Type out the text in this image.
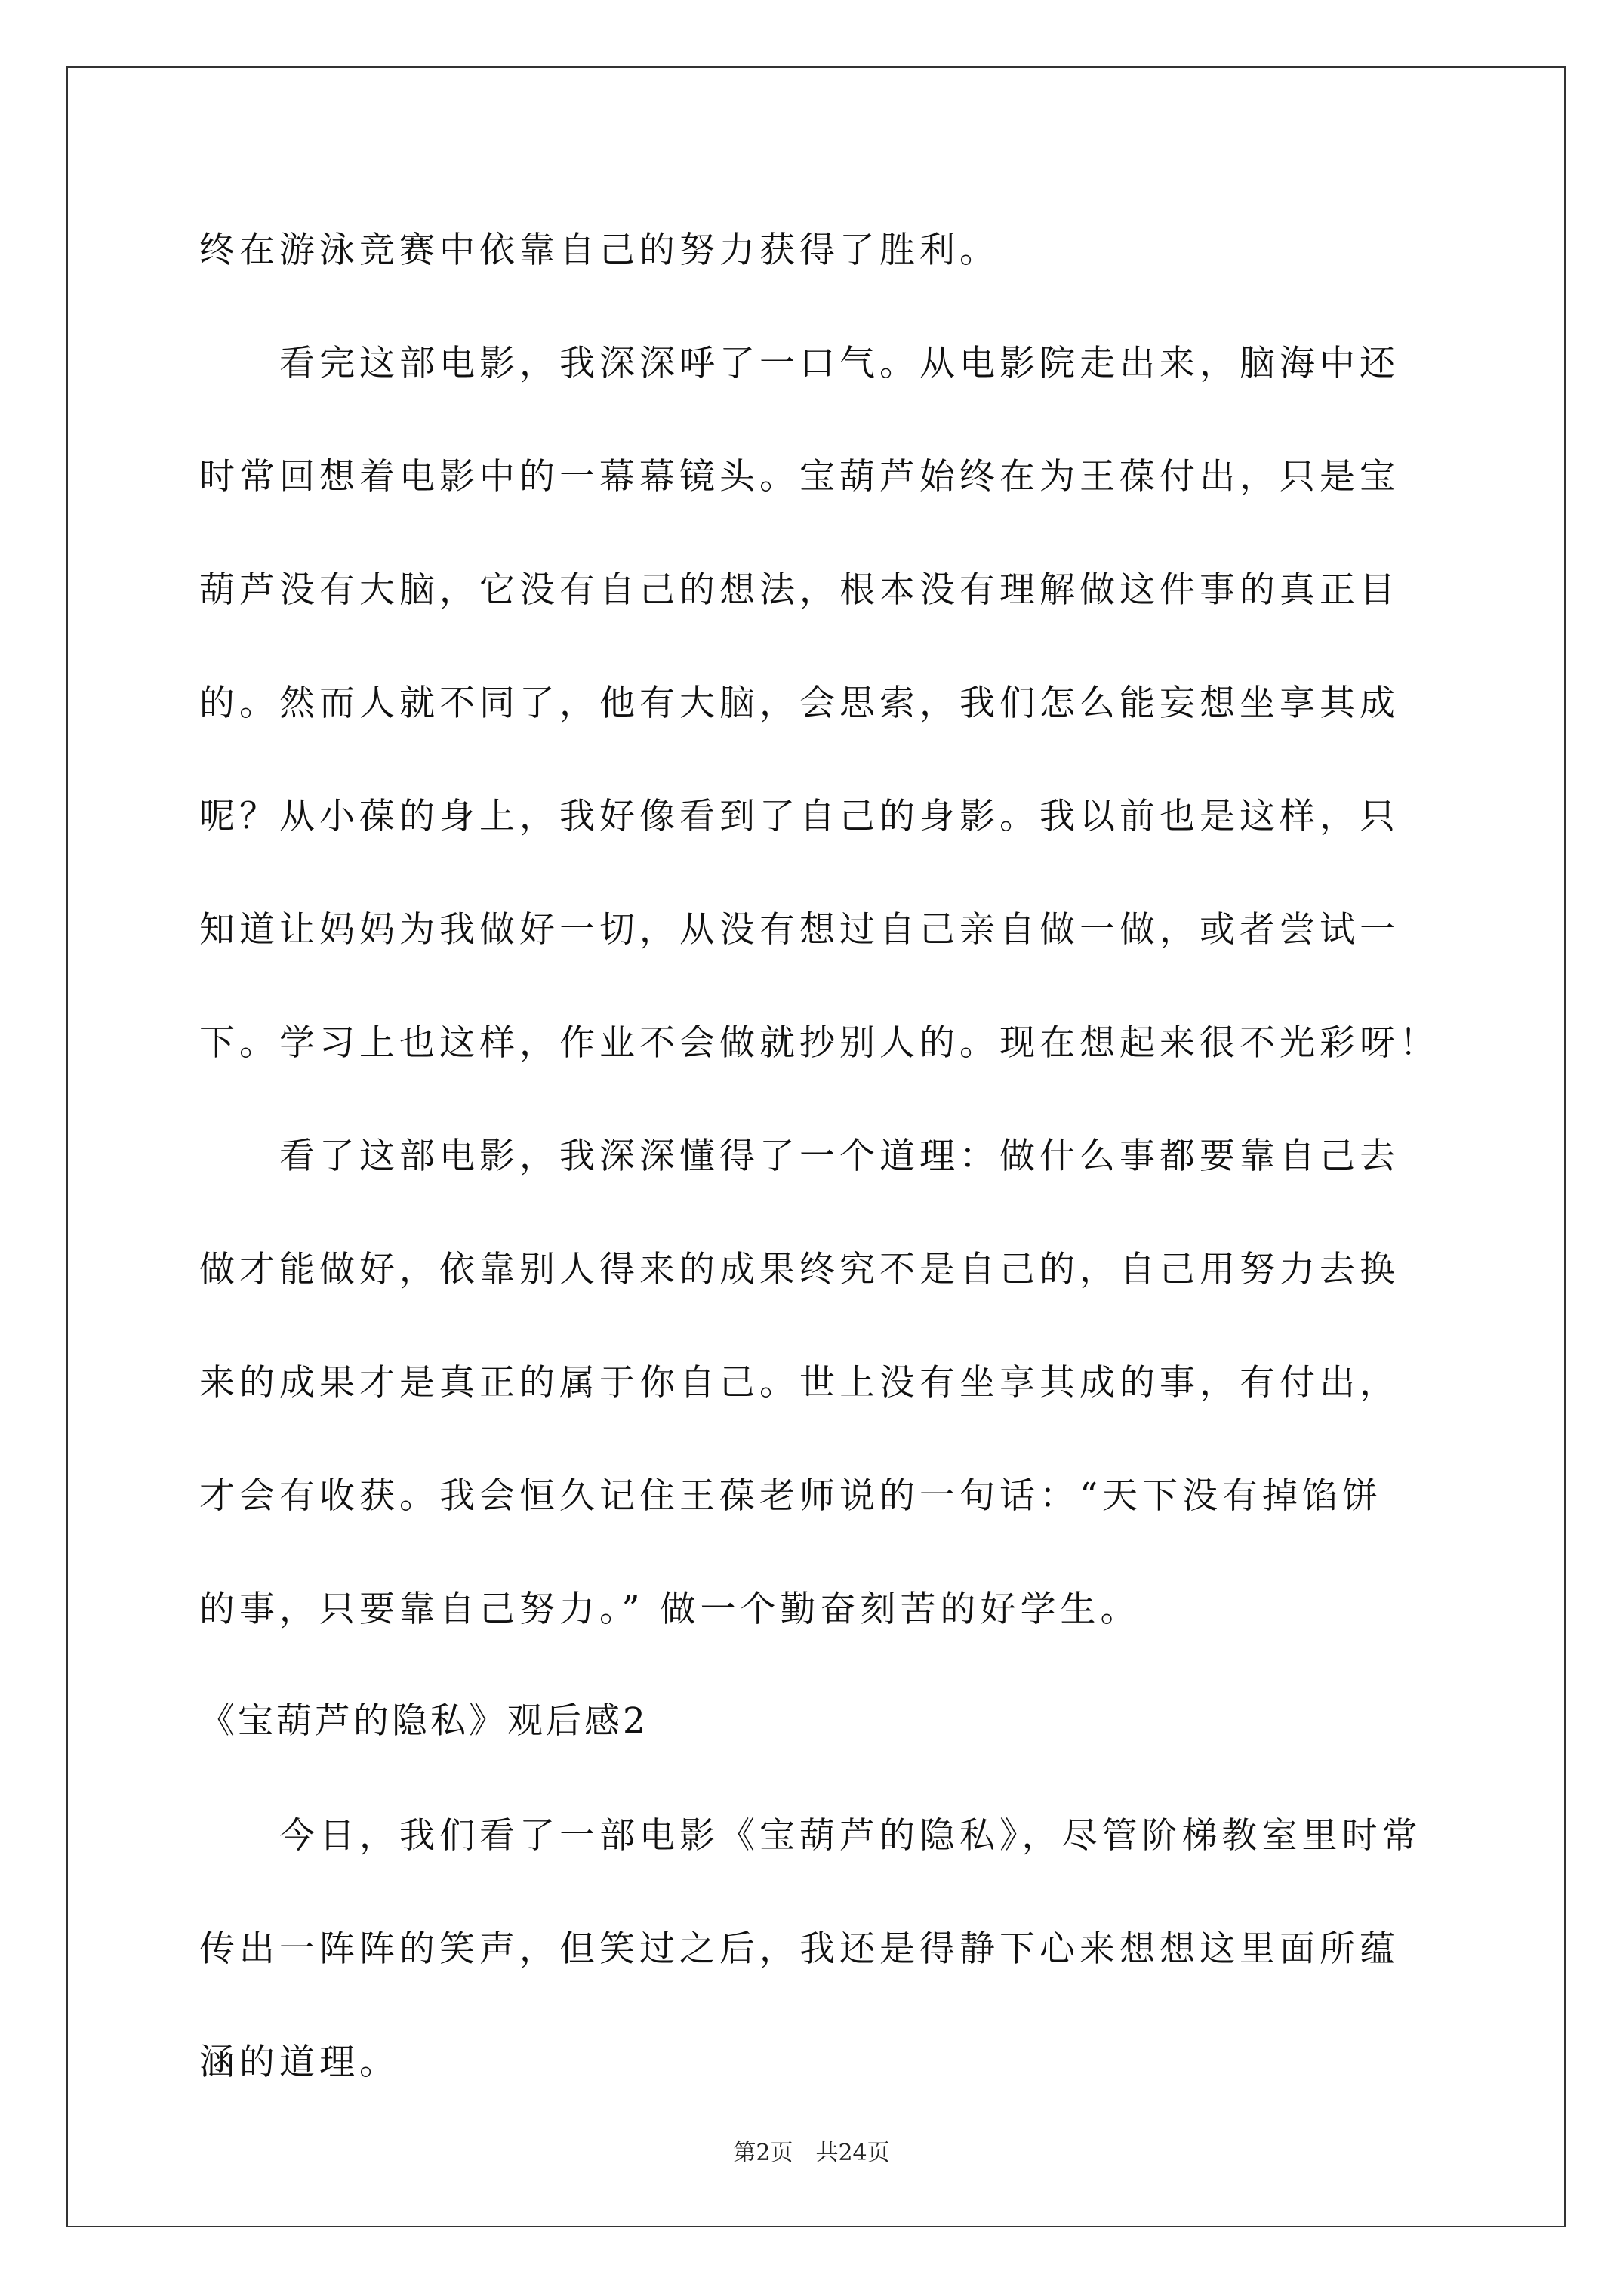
终在游泳竞赛中依靠自己的努力获得了胜利。
　　看完这部电影，我深深呼了一口气。从电影院走出来，脑海中还
时常回想着电影中的一幕幕镜头。宝葫芦始终在为王葆付出，只是宝
葫芦没有大脑，它没有自己的想法，根本没有理解做这件事的真正目
的。然而人就不同了，他有大脑，会思索，我们怎么能妄想坐享其成
呢？从小葆的身上，我好像看到了自己的身影。我以前也是这样，只
知道让妈妈为我做好一切，从没有想过自己亲自做一做，或者尝试一
下。学习上也这样，作业不会做就抄别人的。现在想起来很不光彩呀！
　　看了这部电影，我深深懂得了一个道理：做什么事都要靠自己去
做才能做好，依靠别人得来的成果终究不是自己的，自己用努力去换
来的成果才是真正的属于你自己。世上没有坐享其成的事，有付出，
才会有收获。我会恒久记住王葆老师说的一句话：“天下没有掉馅饼
的事，只要靠自己努力。” 做一个勤奋刻苦的好学生。
《宝葫芦的隐私》观后感2
　　今日，我们看了一部电影《宝葫芦的隐私》，尽管阶梯教室里时常
传出一阵阵的笑声，但笑过之后，我还是得静下心来想想这里面所蕴
涵的道理。
第2页　共24页
